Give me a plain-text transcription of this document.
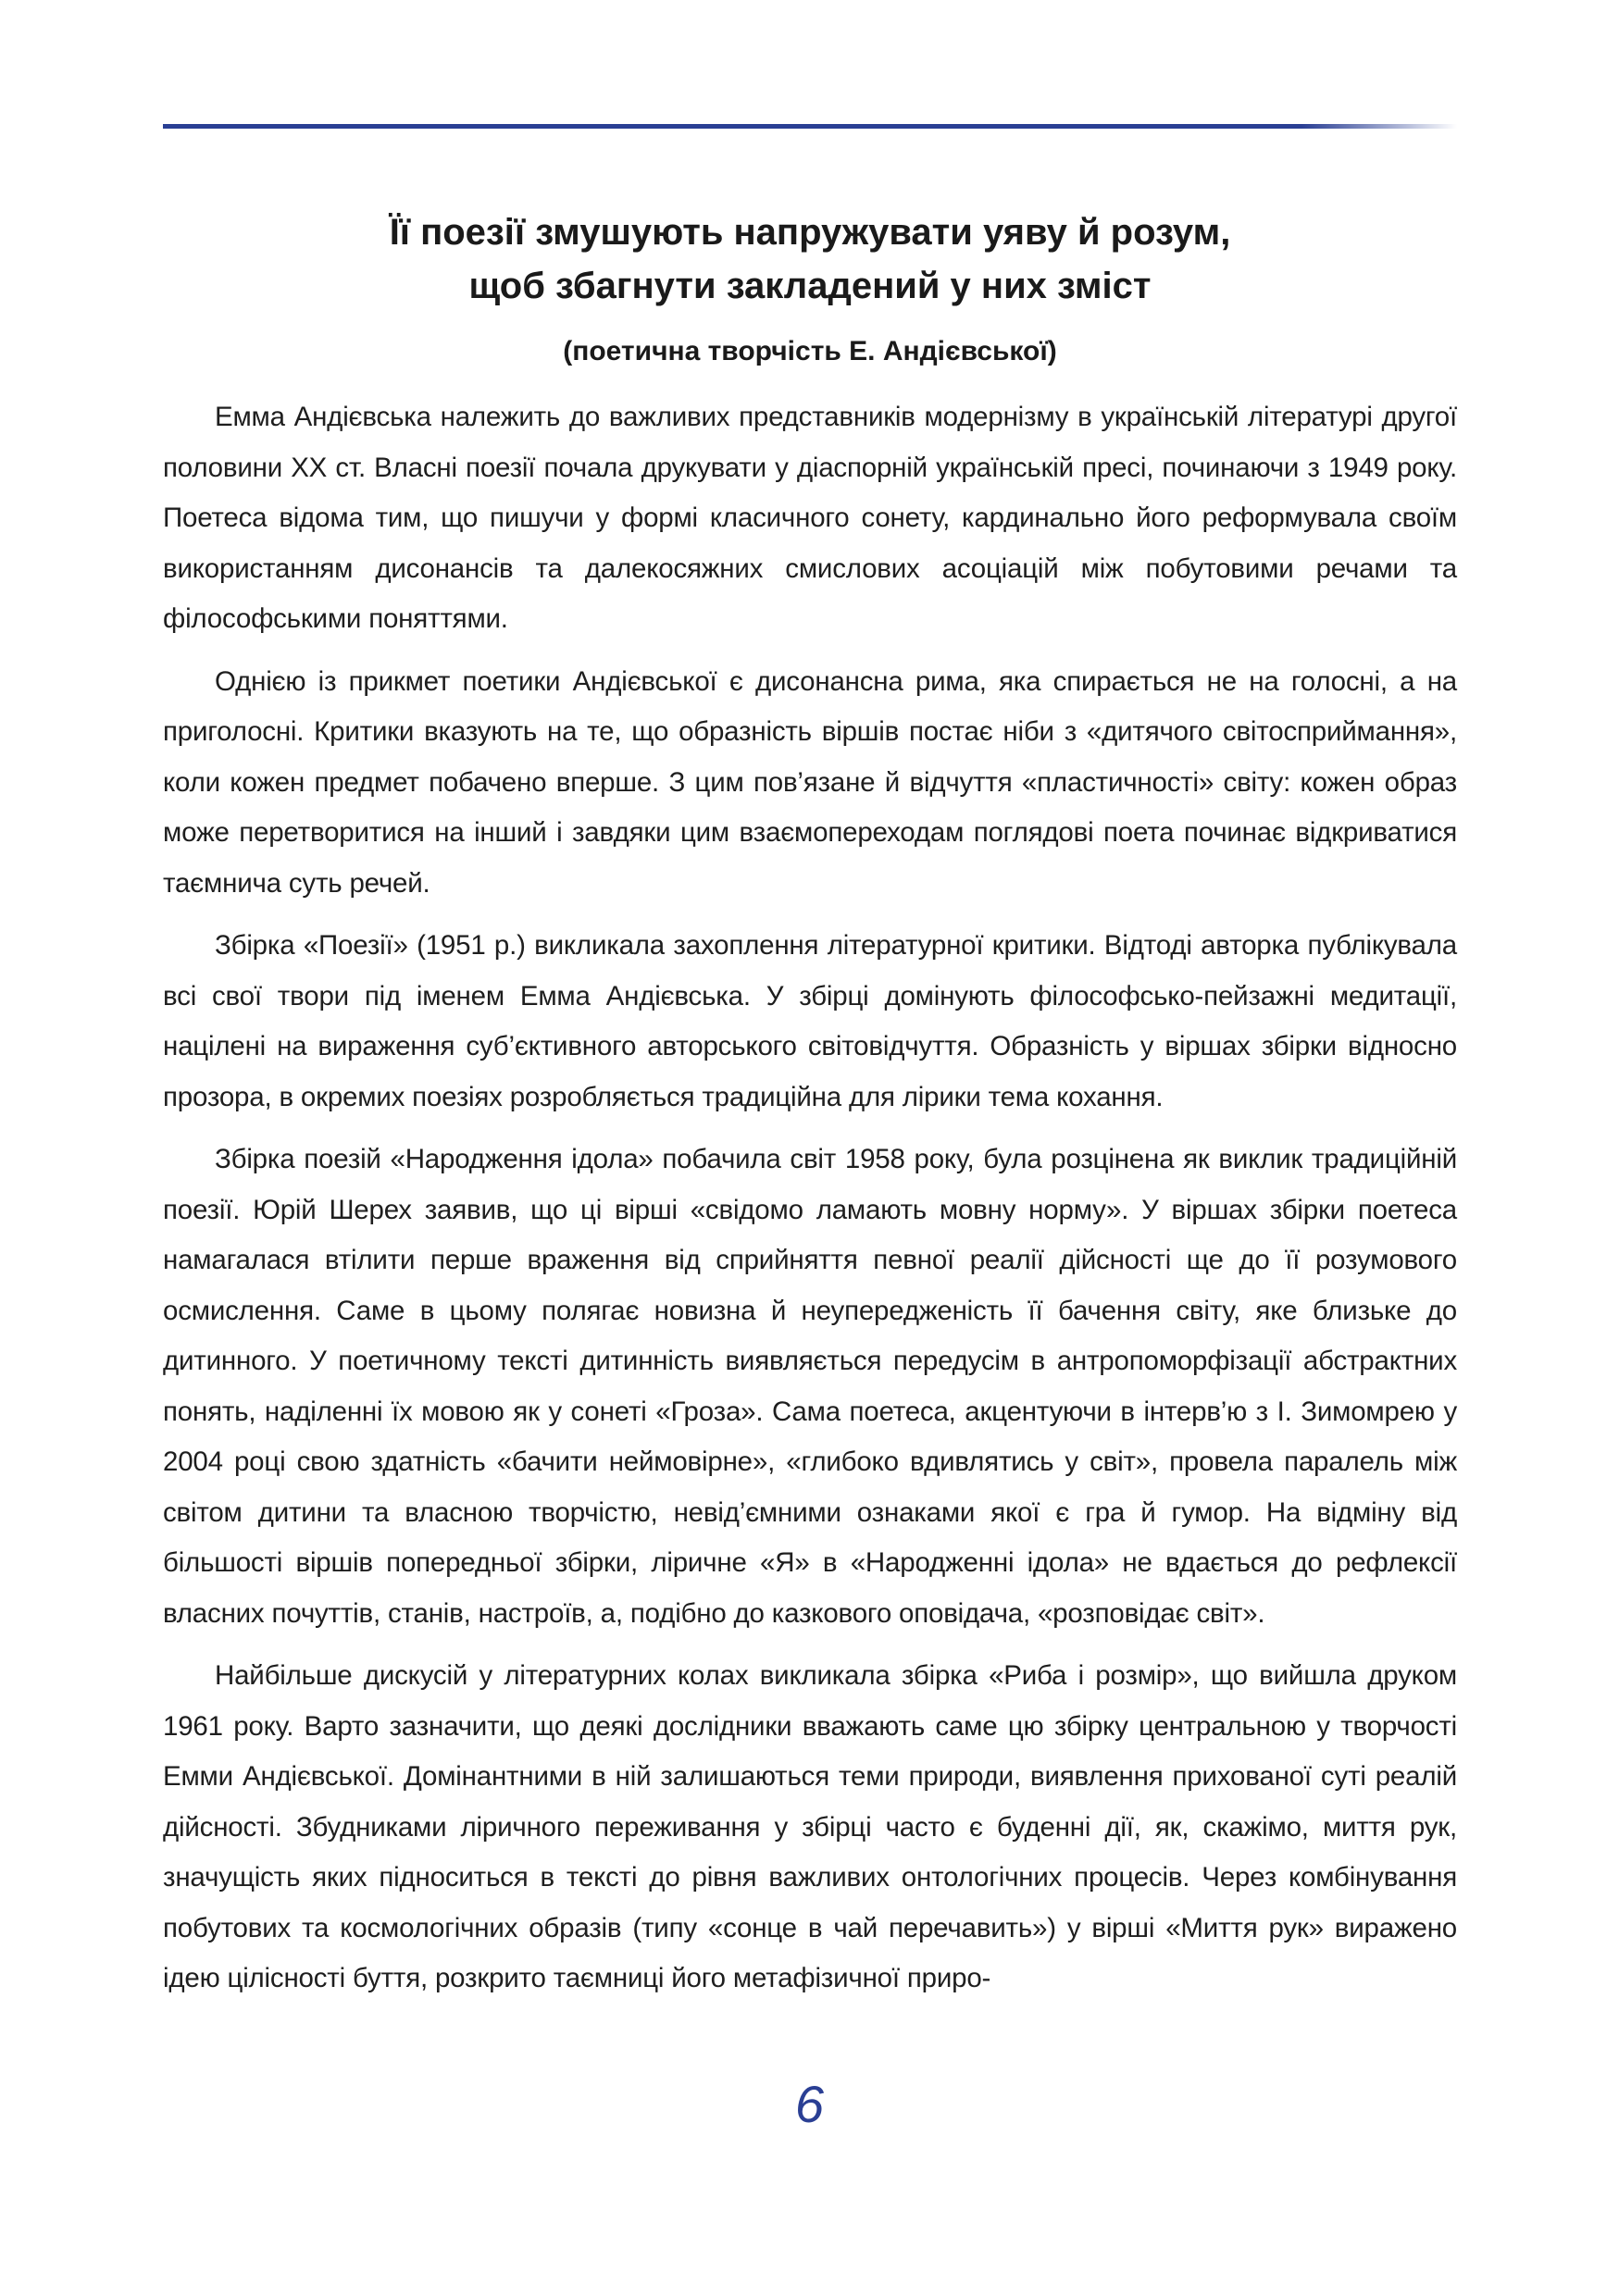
Її поезії змушують напружувати уяву й розум,
щоб збагнути закладений у них зміст
(поетична творчість Е. Андієвської)

Емма Андієвська належить до важливих представників модернізму в українській літературі другої половини ХХ ст. Власні поезії почала друкувати у діаспорній українській пресі, починаючи з 1949 року. Поетеса відома тим, що пишучи у формі класичного сонету, кардинально його реформувала своїм використанням дисонансів та далекосяжних смислових асоціацій між побутовими речами та філософськими поняттями.

Однією із прикмет поетики Андієвської є дисонансна рима, яка спирається не на голосні, а на приголосні. Критики вказують на те, що образність віршів постає ніби з «дитячого світосприймання», коли кожен предмет побачено вперше. З цим пов’язане й відчуття «пластичності» світу: кожен образ може перетворитися на інший і завдяки цим взаємопереходам поглядові поета починає відкриватися таємнича суть речей.

Збірка «Поезії» (1951 р.) викликала захоплення літературної критики. Відтоді авторка публікувала всі свої твори під іменем Емма Андієвська. У збірці домінують філософсько-пейзажні медитації, націлені на вираження суб’єктивного авторського світовідчуття. Образність у віршах збірки відносно прозора, в окремих поезіях розробляється традиційна для лірики тема кохання.

Збірка поезій «Народження ідола» побачила світ 1958 року, була розцінена як виклик традиційній поезії. Юрій Шерех заявив, що ці вірші «свідомо ламають мовну норму». У віршах збірки поетеса намагалася втілити перше враження від сприйняття певної реалії дійсності ще до її розумового осмислення. Саме в цьому полягає новизна й неупередженість її бачення світу, яке близьке до дитинного. У поетичному тексті дитинність виявляється передусім в антропоморфізації абстрактних понять, наділенні їх мовою як у сонеті «Гроза». Сама поетеса, акцентуючи в інтерв’ю з І. Зимомрею у 2004 році свою здатність «бачити неймовірне», «глибоко вдивлятись у світ», провела паралель між світом дитини та власною творчістю, невід’ємними ознаками якої є гра й гумор. На відміну від більшості віршів попередньої збірки, ліричне «Я» в «Народженні ідола» не вдається до рефлексії власних почуттів, станів, настроїв, а, подібно до казкового оповідача, «розповідає світ».

Найбільше дискусій у літературних колах викликала збірка «Риба і розмір», що вийшла друком 1961 року. Варто зазначити, що деякі дослідники вважають саме цю збірку центральною у творчості Емми Андієвської. Домінантними в ній залишаються теми природи, виявлення прихованої суті реалій дійсності. Збудниками ліричного переживання у збірці часто є буденні дії, як, скажімо, миття рук, значущість яких підноситься в тексті до рівня важливих онтологічних процесів. Через комбінування побутових та космологічних образів (типу «сонце в чай перечавить») у вірші «Миття рук» виражено ідею цілісності буття, розкрито таємниці його метафізичної приро-

6
